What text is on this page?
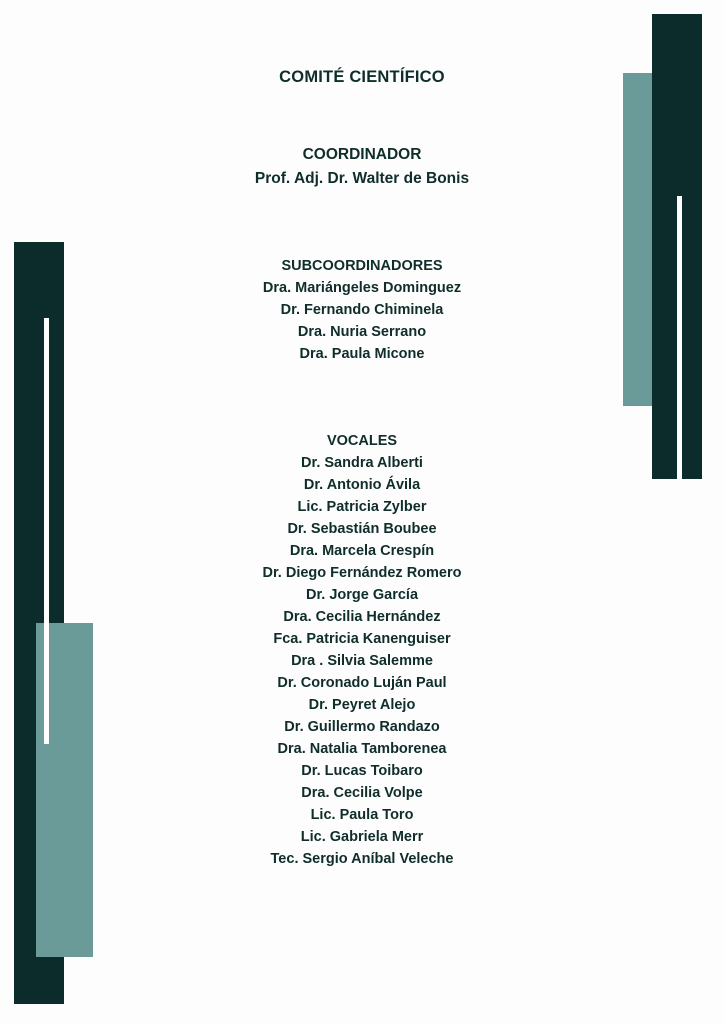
COMITÉ CIENTÍFICO
COORDINADOR
Prof. Adj. Dr. Walter de Bonis
SUBCOORDINADORES
Dra. Mariángeles Dominguez
Dr. Fernando Chiminela
Dra. Nuria Serrano
Dra. Paula Micone
VOCALES
Dr. Sandra Alberti
Dr. Antonio Ávila
Lic. Patricia Zylber
Dr. Sebastián Boubee
Dra. Marcela Crespín
Dr. Diego Fernández Romero
Dr. Jorge García
Dra. Cecilia Hernández
Fca. Patricia Kanenguiser
Dra . Silvia Salemme
Dr. Coronado Luján Paul
Dr. Peyret Alejo
Dr. Guillermo Randazo
Dra. Natalia Tamborenea
Dr. Lucas Toibaro
Dra. Cecilia Volpe
Lic. Paula Toro
Lic. Gabriela Merr
Tec. Sergio Aníbal Veleche
